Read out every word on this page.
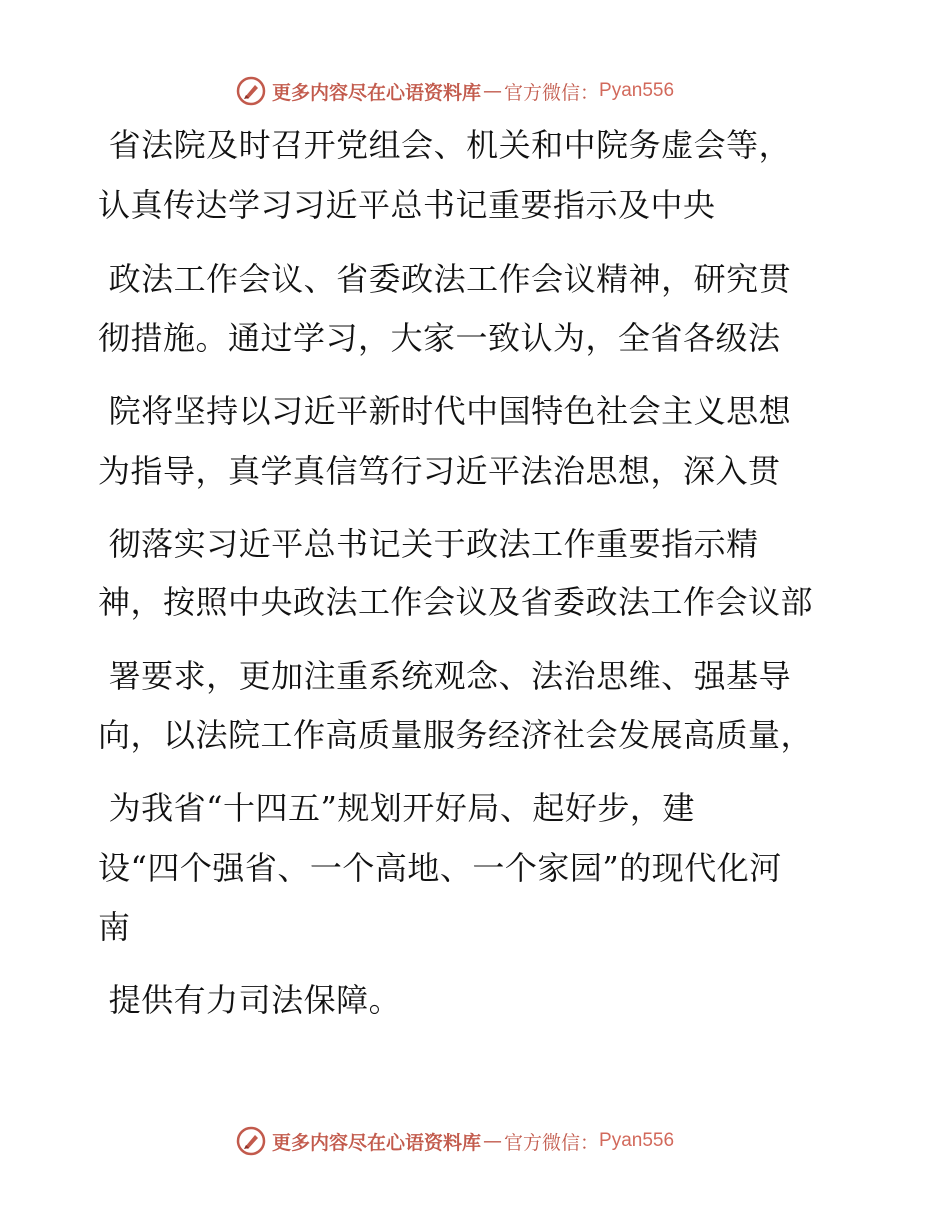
更多内容尽在心语资料库 — 官方微信： Pyan556
省法院及时召开党组会、机关和中院务虚会等，
认真传达学习习近平总书记重要指示及中央
政法工作会议、省委政法工作会议精神，研究贯
彻措施。通过学习，大家一致认为，全省各级法
院将坚持以习近平新时代中国特色社会主义思想
为指导，真学真信笃行习近平法治思想，深入贯
彻落实习近平总书记关于政法工作重要指示精
神，按照中央政法工作会议及省委政法工作会议部
署要求，更加注重系统观念、法治思维、强基导
向，以法院工作高质量服务经济社会发展高质量，
为我省“十四五”规划开好局、起好步，建
设“四个强省、一个高地、一个家园”的现代化河
南
提供有力司法保障。
更多内容尽在心语资料库 — 官方微信： Pyan556
